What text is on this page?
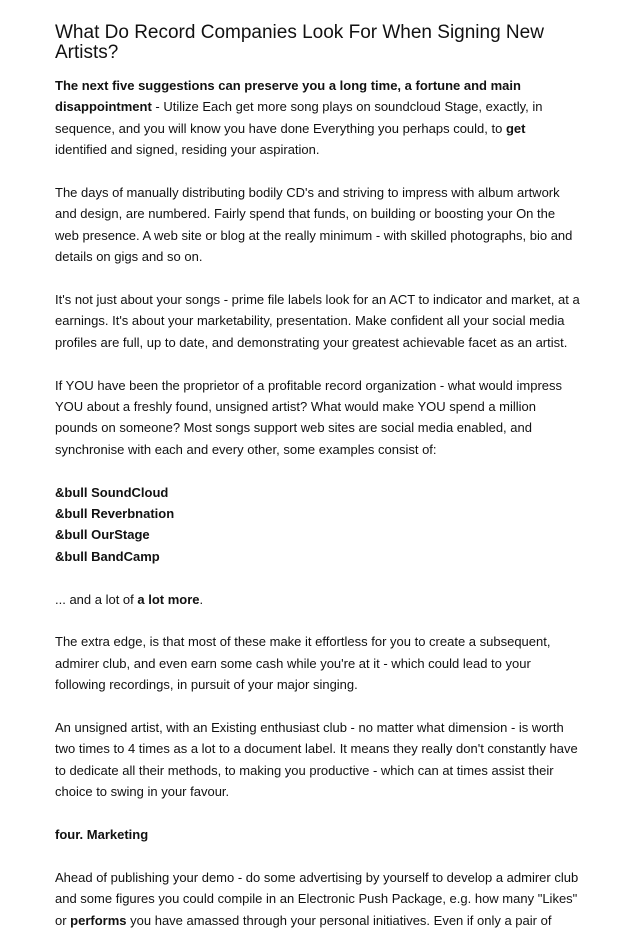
What Do Record Companies Look For When Signing New Artists?

The next five suggestions can preserve you a long time, a fortune and main disappointment - Utilize Each get more song plays on soundcloud Stage, exactly, in sequence, and you will know you have done Everything you perhaps could, to get identified and signed, residing your aspiration.

The days of manually distributing bodily CD's and striving to impress with album artwork and design, are numbered. Fairly spend that funds, on building or boosting your On the web presence. A web site or blog at the really minimum - with skilled photographs, bio and details on gigs and so on.

It's not just about your songs - prime file labels look for an ACT to indicator and market, at a earnings. It's about your marketability, presentation. Make confident all your social media profiles are full, up to date, and demonstrating your greatest achievable facet as an artist.

If YOU have been the proprietor of a profitable record organization - what would impress YOU about a freshly found, unsigned artist? What would make YOU spend a million pounds on someone? Most songs support web sites are social media enabled, and synchronise with each and every other, some examples consist of:

&bull SoundCloud
&bull Reverbnation
&bull OurStage
&bull BandCamp

... and a lot of a lot more.

The extra edge, is that most of these make it effortless for you to create a subsequent, admirer club, and even earn some cash while you're at it - which could lead to your following recordings, in pursuit of your major singing.

An unsigned artist, with an Existing enthusiast club - no matter what dimension - is worth two times to 4 times as a lot to a document label. It means they really don't constantly have to dedicate all their methods, to making you productive - which can at times assist their choice to swing in your favour.

four. Marketing

Ahead of publishing your demo - do some advertising by yourself to develop a admirer club and some figures you could compile in an Electronic Push Package, e.g. how many "Likes" or performs you have amassed through your personal initiatives. Even if only a pair of
